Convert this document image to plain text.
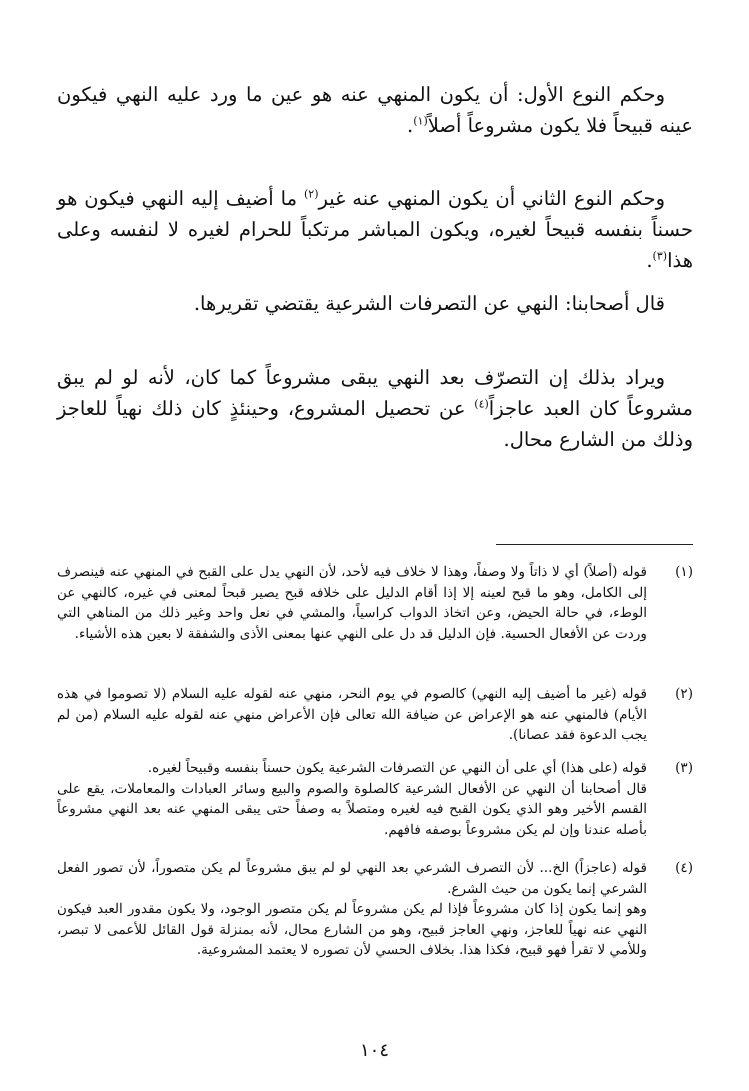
وحكم النوع الأول: أن يكون المنهي عنه هو عين ما ورد عليه النهي فيكون عينه قبيحاً فلا يكون مشروعاً أصلاً$^{(١)}$.

وحكم النوع الثاني أن يكون المنهي عنه غير$^{(٢)}$ ما أضيف إليه النهي فيكون هو حسناً بنفسه قبيحاً لغيره، ويكون المباشر مرتكباً للحرام لغيره لا لنفسه وعلى هذا$^{(٣)}$.

قال أصحابنا: النهي عن التصرفات الشرعية يقتضي تقريرها.

ويراد بذلك إن التصرّف بعد النهي يبقى مشروعاً كما كان، لأنه لو لم يبق مشروعاً كان العبد عاجزاً$^{(٤)}$ عن تحصيل المشروع، وحينئذٍ كان ذلك نهياً للعاجز وذلك من الشارع محال.

(١)
قوله (أصلاً) أي لا ذاتاً ولا وصفاً، وهذا لا خلاف فيه لأحد، لأن النهي يدل على القبح في المنهي عنه فينصرف إلى الكامل، وهو ما قبح لعينه إلا إذا أقام الدليل على خلافه قبح يصير قبحاً لمعنى في غيره، كالنهي عن الوطء، في حالة الحيض، وعن اتخاذ الدواب كراسياً، والمشي في نعل واحد وغير ذلك من المناهي التي وردت عن الأفعال الحسية. فإن الدليل قد دل على النهي عنها بمعنى الأذى والشفقة لا بعين هذه الأشياء.
(٢)
قوله (غير ما أضيف إليه النهي) كالصوم في يوم النحر، منهي عنه لقوله عليه السلام (لا تصوموا في هذه الأيام) فالمنهي عنه هو الإعراض عن ضيافة الله تعالى فإن الأعراض منهي عنه لقوله عليه السلام (من لم يجب الدعوة فقد عصانا).
(٣)
قوله (على هذا) أي على أن النهي عن التصرفات الشرعية يكون حسناً بنفسه وقبيحاً لغيره.
قال أصحابنا أن النهي عن الأفعال الشرعية كالصلوة والصوم والبيع وسائر العبادات والمعاملات، يقع على القسم الأخير وهو الذي يكون القبح فيه لغيره ومتصلاً به وصفاً حتى يبقى المنهي عنه بعد النهي مشروعاً بأصله عندنا وإن لم يكن مشروعاً بوصفه فافهم.
(٤)
قوله (عاجزاً) الخ... لأن التصرف الشرعي بعد النهي لو لم يبق مشروعاً لم يكن متصوراً، لأن تصور الفعل الشرعي إنما يكون من حيث الشرع.
وهو إنما يكون إذا كان مشروعاً فإذا لم يكن مشروعاً لم يكن متصور الوجود، ولا يكون مقدور العبد فيكون النهي عنه نهياً للعاجز، ونهي العاجز قبيح، وهو من الشارع محال، لأنه بمنزلة قول القائل للأعمى لا تبصر، وللأمي لا تقرأ فهو قبيح، فكذا هذا. بخلاف الحسي لأن تصوره لا يعتمد المشروعية.
١٠٤
